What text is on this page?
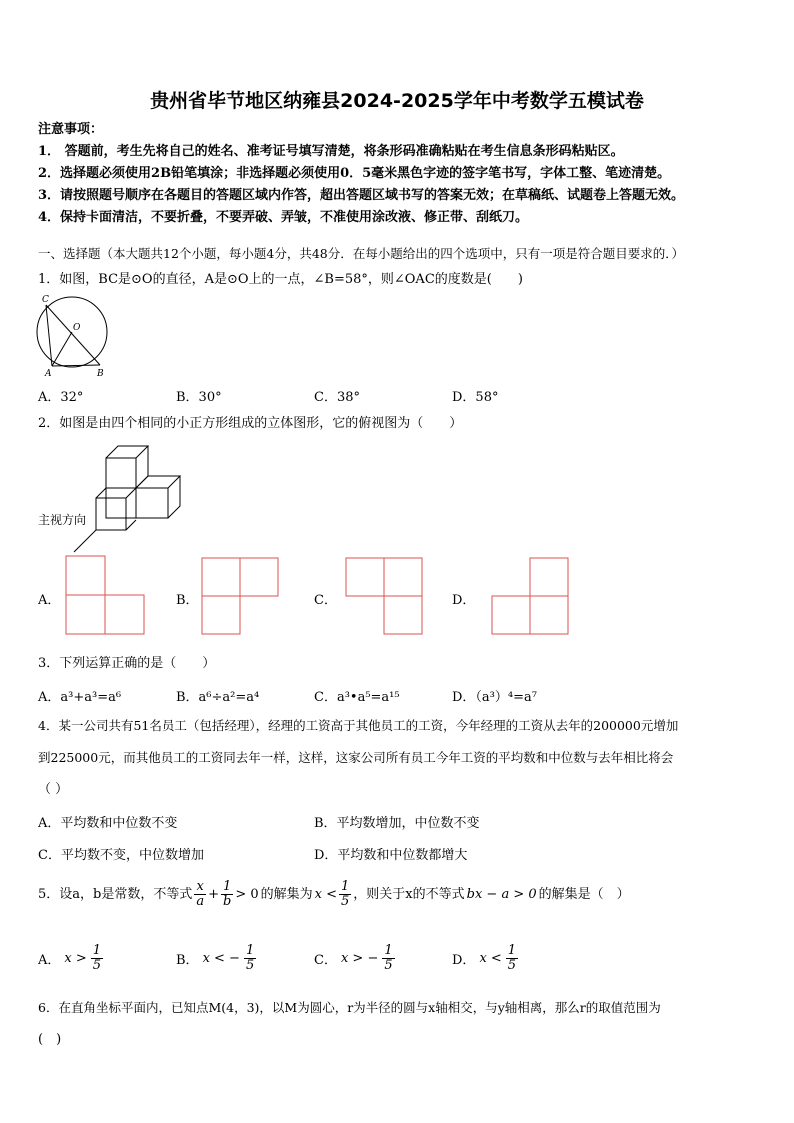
贵州省毕节地区纳雍县2024-2025学年中考数学五模试卷
注意事项：
1． 答题前，考生先将自己的姓名、准考证号填写清楚，将条形码准确粘贴在考生信息条形码粘贴区。
2．选择题必须使用2B铅笔填涂；非选择题必须使用0．5毫米黑色字迹的签字笔书写，字体工整、笔迹清楚。
3．请按照题号顺序在各题目的答题区域内作答，超出答题区域书写的答案无效；在草稿纸、试题卷上答题无效。
4．保持卡面清洁，不要折叠，不要弄破、弄皱，不准使用涂改液、修正带、刮纸刀。
一、选择题（本大题共12个小题，每小题4分，共48分．在每小题给出的四个选项中，只有一项是符合题目要求的．）
1．如图，BC是⊙O的直径，A是⊙O上的一点，∠B=58°，则∠OAC的度数是(　　)
C
O
A	B
A．32°	B．30°	C．38°	D．58°
2．如图是由四个相同的小正方形组成的立体图形，它的俯视图为（　　）
主视方向
A．	B．	C．	D．
3．下列运算正确的是（　　）
A．a³+a³=a⁶	B．a⁶÷a²=a⁴	C．a³•a⁵=a¹⁵	D．（a³）⁴=a⁷
4．某一公司共有51名员工（包括经理），经理的工资高于其他员工的工资，今年经理的工资从去年的200000元增加
到225000元，而其他员工的工资同去年一样，这样，这家公司所有员工今年工资的平均数和中位数与去年相比将会
（ ）
A．平均数和中位数不变	B．平均数增加，中位数不变
C．平均数不变，中位数增加	D．平均数和中位数都增大
5．设a，b是常数，不等式 $\frac{x}{a} + \frac{1}{b} > 0$ 的解集为 $x < \frac{1}{5}$ ，则关于x的不等式 bx − a > 0 的解集是（　）
A． $x > \frac{1}{5}$	B． x < − $\frac{1}{5}$	C． x > − $\frac{1}{5}$	D． $x < \frac{1}{5}$
6．在直角坐标平面内，已知点M(4，3)，以M为圆心，r为半径的圆与x轴相交，与y轴相离，那么r的取值范围为
(　)
